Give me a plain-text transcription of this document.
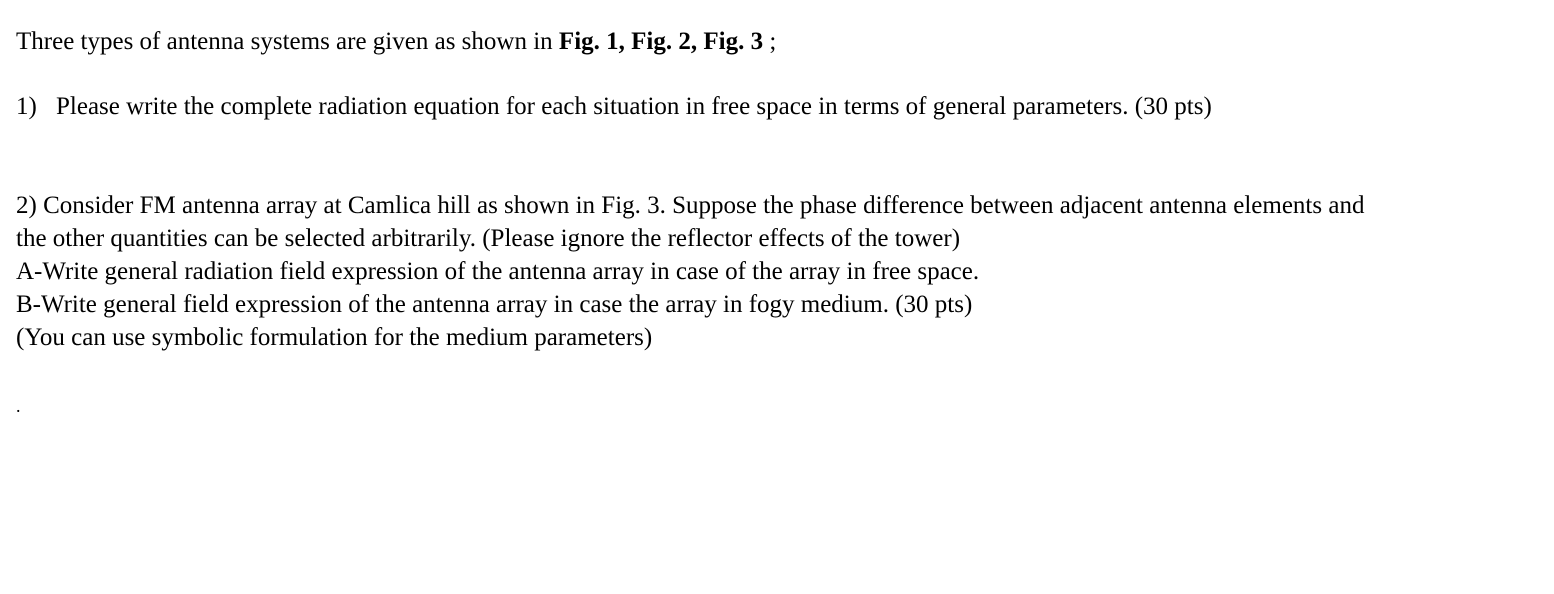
Three types of antenna systems are given as shown in Fig. 1, Fig. 2, Fig. 3 ;
1) Please write the complete radiation equation for each situation in free space in terms of general parameters. (30 pts)
2) Consider FM antenna array at Camlica hill as shown in Fig. 3. Suppose the phase difference between adjacent antenna elements and
the other quantities can be selected arbitrarily. (Please ignore the reflector effects of the tower)
A-Write general radiation field expression of the antenna array in case of the array in free space.
B-Write general field expression of the antenna array in case the array in fogy medium. (30 pts)
(You can use symbolic formulation for the medium parameters)
.
